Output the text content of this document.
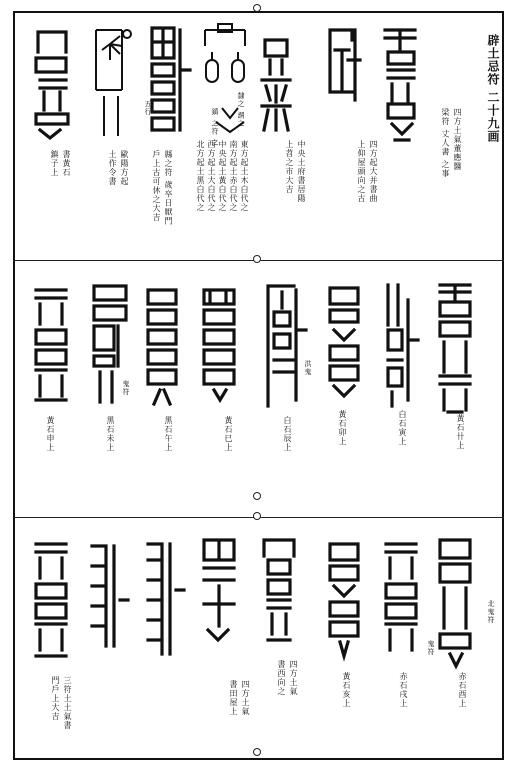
辟土忌符 二十九画
四方土氣董應醫
梁符 丈人書 之事
四方起大并書曲
上仰屋頭向之古
中央土府書居陽
上苕之市大吉
東方起土木白代之
南方起土赤白代之
中央起土黃白代之
西方起土大白代之
北方起土黑白代之
縣之符 歲卒日厭門
戶上古可休之大吉
歐陽方起
土作令書
書黃石
鎮子上
隸之 謂之
鎮 之符 之
五行
黃石卄上
白石寅上
黃石卯上
白石辰上
黃石巳上
黑石午上
黑石未上
黃石申上
洪鬼
鬼符
赤石酉上
赤石戌上
黃石亥上
四方土氣
書西向之
四方土氣
書田屋上
三符土土氣書
門戶上大吉
北鬼符
鬼符
